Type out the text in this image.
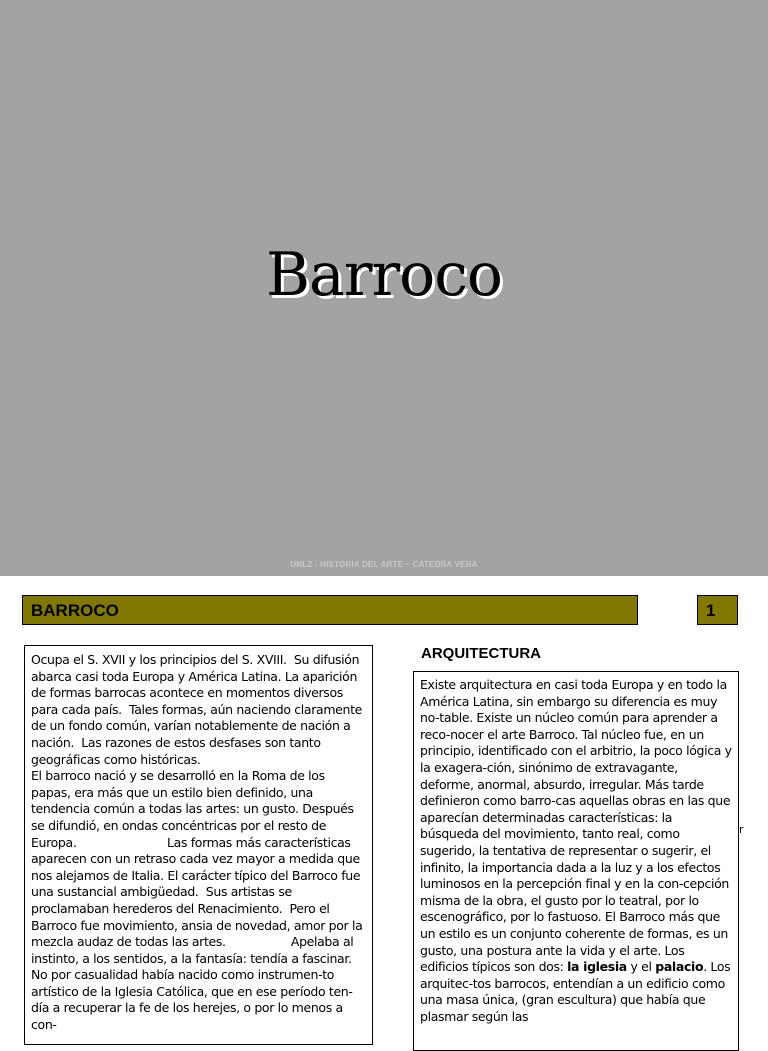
Barroco
UNLZ - HISTORIA DEL ARTE – CATEDRA VERA
BARROCO	1

Ocupa el S. XVII y los principios del S. XVIII.  Su difusión abarca casi toda Europa y América Latina. La aparición de formas barrocas acontece en momentos diversos para cada país.  Tales formas, aún naciendo claramente de un fondo común, varían notablemente de nación a nación.  Las razones de estos desfases son tanto geográficas como históricas.

El barroco nació y se desarrolló en la Roma de los papas, era más que un estilo bien definido, una tendencia común a todas las artes: un gusto. Después se difundió, en ondas concéntricas por el resto de Europa.                         Las formas más características aparecen con un retraso cada vez mayor a medida que nos alejamos de Italia. El carácter típico del Barroco fue una sustancial ambigüedad.  Sus artistas se proclamaban herederos del Renacimiento.  Pero el Barroco fue movimiento, ansia de novedad, amor por la mezcla audaz de todas las artes.                  Apelaba al instinto, a los sentidos, a la fantasía: tendía a fascinar. No por casualidad había nacido como instrumen-to artístico de la Iglesia Católica, que en ese período ten-día a recuperar la fe de los herejes, o por lo menos a con-

ARQUITECTURA

Existe arquitectura en casi toda Europa y en todo la América Latina, sin embargo su diferencia es muy no-table. Existe un núcleo común para aprender a reco-nocer el arte Barroco. Tal núcleo fue, en un principio, identificado con el arbitrio, la poco lógica y la exagera-ción, sinónimo de extravagante, deforme, anormal, absurdo, irregular. Más tarde definieron como barro-cas aquellas obras en las que aparecían determinadas características: la búsqueda del movimiento, tanto real, como sugerido, la tentativa de representar o sugerir, el infinito, la importancia dada a la luz y a los efectos luminosos en la percepción final y en la con-cepción misma de la obra, el gusto por lo teatral, por lo escenográfico, por lo fastuoso. El Barroco más que un estilo es un conjunto coherente de formas, es un gusto, una postura ante la vida y el arte. Los edificios típicos son dos: la iglesia y el palacio. Los arquitec-tos barrocos, entendían a un edificio como una masa única, (gran escultura) que había que plasmar según las

r
